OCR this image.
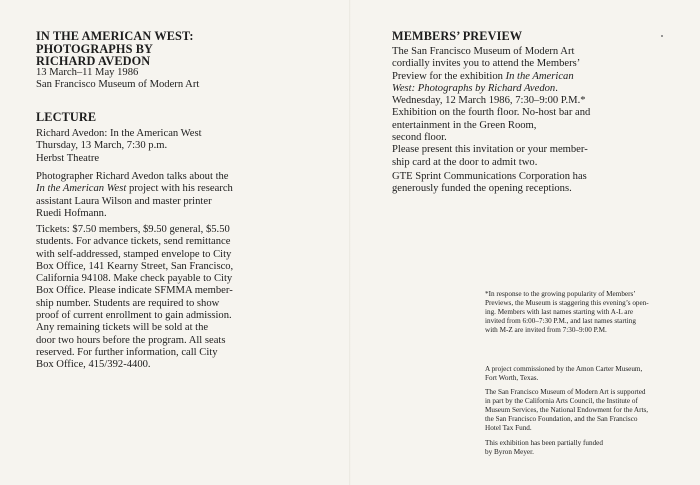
IN THE AMERICAN WEST:

PHOTOGRAPHS BY

RICHARD AVEDON

13 March–11 May 1986

San Francisco Museum of Modern Art

LECTURE

Richard Avedon: In the American West

Thursday, 13 March, 7:30 p.m.

Herbst Theatre

Photographer Richard Avedon talks about the

In the American West project with his research

assistant Laura Wilson and master printer

Ruedi Hofmann.

Tickets: $7.50 members, $9.50 general, $5.50

students. For advance tickets, send remittance

with self-addressed, stamped envelope to City

Box Office, 141 Kearny Street, San Francisco,

California 94108. Make check payable to City

Box Office. Please indicate SFMMA member-

ship number. Students are required to show

proof of current enrollment to gain admission.

Any remaining tickets will be sold at the

door two hours before the program. All seats

reserved. For further information, call City

Box Office, 415/392-4400.

MEMBERS’ PREVIEW

The San Francisco Museum of Modern Art

cordially invites you to attend the Members’

Preview for the exhibition In the American

West: Photographs by Richard Avedon.

Wednesday, 12 March 1986, 7:30–9:00 P.M.*

Exhibition on the fourth floor. No-host bar and

entertainment in the Green Room,

second floor.

Please present this invitation or your member-

ship card at the door to admit two.

GTE Sprint Communications Corporation has

generously funded the opening receptions.

*In response to the growing popularity of Members’

Previews, the Museum is staggering this evening’s open-

ing. Members with last names starting with A-L are

invited from 6:00–7:30 P.M., and last names starting

with M-Z are invited from 7:30–9:00 P.M.

A project commissioned by the Amon Carter Museum,

Fort Worth, Texas.

The San Francisco Museum of Modern Art is supported

in part by the California Arts Council, the Institute of

Museum Services, the National Endowment for the Arts,

the San Francisco Foundation, and the San Francisco

Hotel Tax Fund.

This exhibition has been partially funded

by Byron Meyer.
